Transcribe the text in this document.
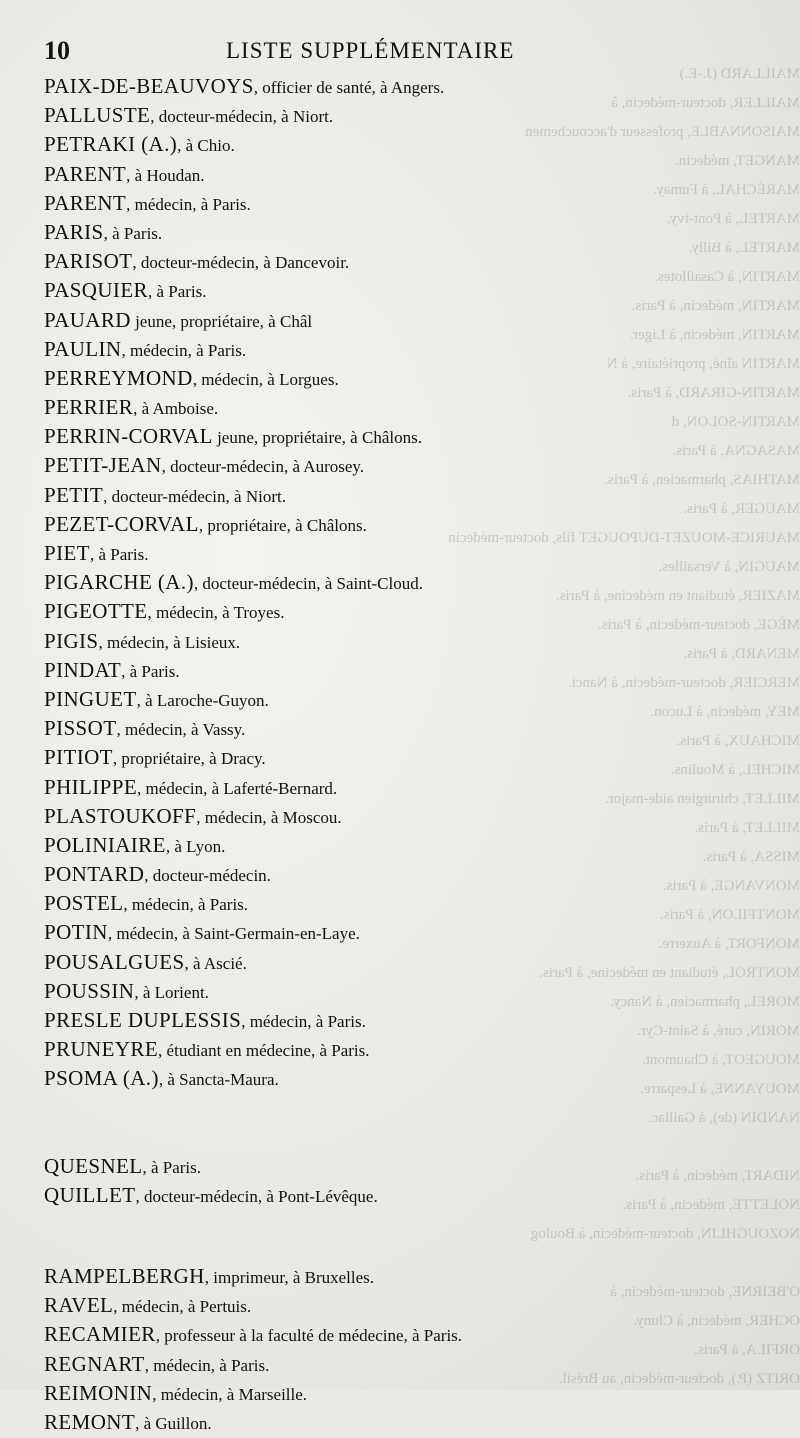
MAILLARD (J.-E.)
MAILLER, docteur-médecin, à
MAISONNABLE, professeur d'accouchemen
MANGET, médecin.
MARÉCHAL, à Fumay.
MARTEL, à Pont-ivy.
MARTEL, à Billy.
MARTIN, à Casaillotes.
MARTIN, médecin, à Paris.
MARTIN, médecin, à Liger.
MARTIN aîné, propriétaire, à N
MARTIN-GIRARD, à Paris.
MARTIN-SOLON, d
MASAGNA, à Paris.
MATHIAS, pharmacien, à Paris.
MAUGER, à Paris.
MAURICE-MOUZET-DUPOUGET fils, docteur-médecin
MAUGIN, à Versailles.
MAZIER, étudiant en médecine, à Paris.
MÈGE, docteur-médecin, à Paris.
MENARD, à Paris.
MERCIER, docteur-médecin, à Nanci.
MEY, médecin, à Lucon.
MICHAUX, à Paris.
MICHEL, à Moulins.
MILLET, chirurgien aide-major.
MILLET, à Paris.
MISSA, à Paris.
MONVANGE, à Paris.
MONTFILON, à Paris.
MONFORT, à Auxerre.
MONTROL, étudiant en médecine, à Paris.
MOREL, pharmacien, à Nancy.
MORIN, curé, à Saint-Cyr.
MOUGEOT, à Chaumont.
MOUYANNE, à Lesparre.
NANDIN (de), à Gaillac.

NIDART, médecin, à Paris.
NOLETTE, médecin, à Paris.
NOZOUGHLIN, docteur-médecin, à Boulog

O'BEIRNE, docteur-médecin, à
OCHER, médecin, à Cluny.
ORFILA, à Paris.
ORITZ (P.), docteur-médecin, au Brésil.
10	LISTE SUPPLÉMENTAIRE
PAIX-DE-BEAUVOYS, officier de santé, à Angers.
PALLUSTE, docteur-médecin, à Niort.
PETRAKI (A.), à Chio.
PARENT, à Houdan.
PARENT, médecin, à Paris.
PARIS, à Paris.
PARISOT, docteur-médecin, à Dancevoir.
PASQUIER, à Paris.
PAUARD jeune, propriétaire, à Châl
PAULIN, médecin, à Paris.
PERREYMOND, médecin, à Lorgues.
PERRIER, à Amboise.
PERRIN-CORVAL jeune, propriétaire, à Châlons.
PETIT-JEAN, docteur-médecin, à Aurosey.
PETIT, docteur-médecin, à Niort.
PEZET-CORVAL, propriétaire, à Châlons.
PIET, à Paris.
PIGARCHE (A.), docteur-médecin, à Saint-Cloud.
PIGEOTTE, médecin, à Troyes.
PIGIS, médecin, à Lisieux.
PINDAT, à Paris.
PINGUET, à Laroche-Guyon.
PISSOT, médecin, à Vassy.
PITIOT, propriétaire, à Dracy.
PHILIPPE, médecin, à Laferté-Bernard.
PLASTOUKOFF, médecin, à Moscou.
POLINIAIRE, à Lyon.
PONTARD, docteur-médecin.
POSTEL, médecin, à Paris.
POTIN, médecin, à Saint-Germain-en-Laye.
POUSALGUES, à Ascié.
POUSSIN, à Lorient.
PRESLE DUPLESSIS, médecin, à Paris.
PRUNEYRE, étudiant en médecine, à Paris.
PSOMA (A.), à Sancta-Maura.
QUESNEL, à Paris.
QUILLET, docteur-médecin, à Pont-Lévêque.
RAMPELBERGH, imprimeur, à Bruxelles.
RAVEL, médecin, à Pertuis.
RECAMIER, professeur à la faculté de médecine, à Paris.
REGNART, médecin, à Paris.
REIMONIN, médecin, à Marseille.
REMONT, à Guillon.
